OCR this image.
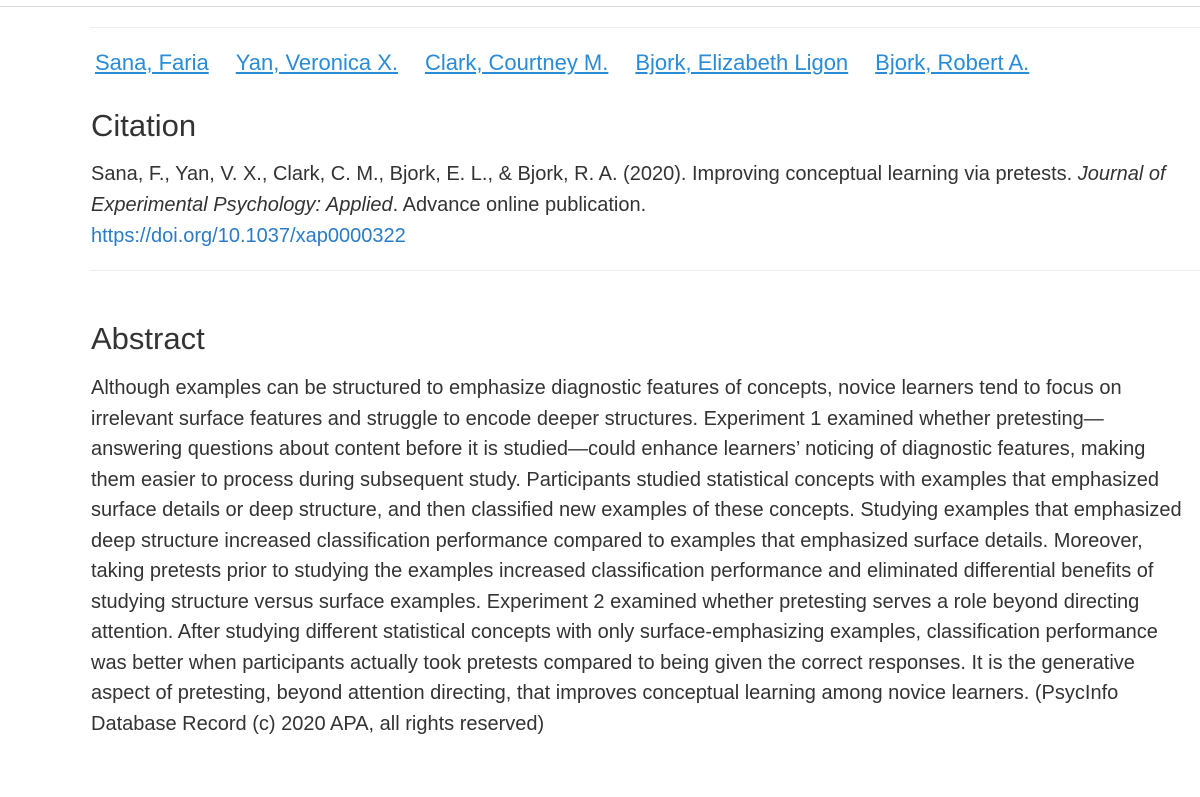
Sana, Faria Yan, Veronica X. Clark, Courtney M. Bjork, Elizabeth Ligon Bjork, Robert A.
Citation

Sana, F., Yan, V. X., Clark, C. M., Bjork, E. L., & Bjork, R. A. (2020). Improving conceptual learning via pretests. Journal of Experimental Psychology: Applied. Advance online publication.
https://doi.org/10.1037/xap0000322

Abstract

Although examples can be structured to emphasize diagnostic features of concepts, novice learners tend to focus on irrelevant surface features and struggle to encode deeper structures. Experiment 1 examined whether pretesting—answering questions about content before it is studied—could enhance learners’ noticing of diagnostic features, making them easier to process during subsequent study. Participants studied statistical concepts with examples that emphasized surface details or deep structure, and then classified new examples of these concepts. Studying examples that emphasized deep structure increased classification performance compared to examples that emphasized surface details. Moreover, taking pretests prior to studying the examples increased classification performance and eliminated differential benefits of studying structure versus surface examples. Experiment 2 examined whether pretesting serves a role beyond directing attention. After studying different statistical concepts with only surface-emphasizing examples, classification performance was better when participants actually took pretests compared to being given the correct responses. It is the generative aspect of pretesting, beyond attention directing, that improves conceptual learning among novice learners. (PsycInfo Database Record (c) 2020 APA, all rights reserved)
